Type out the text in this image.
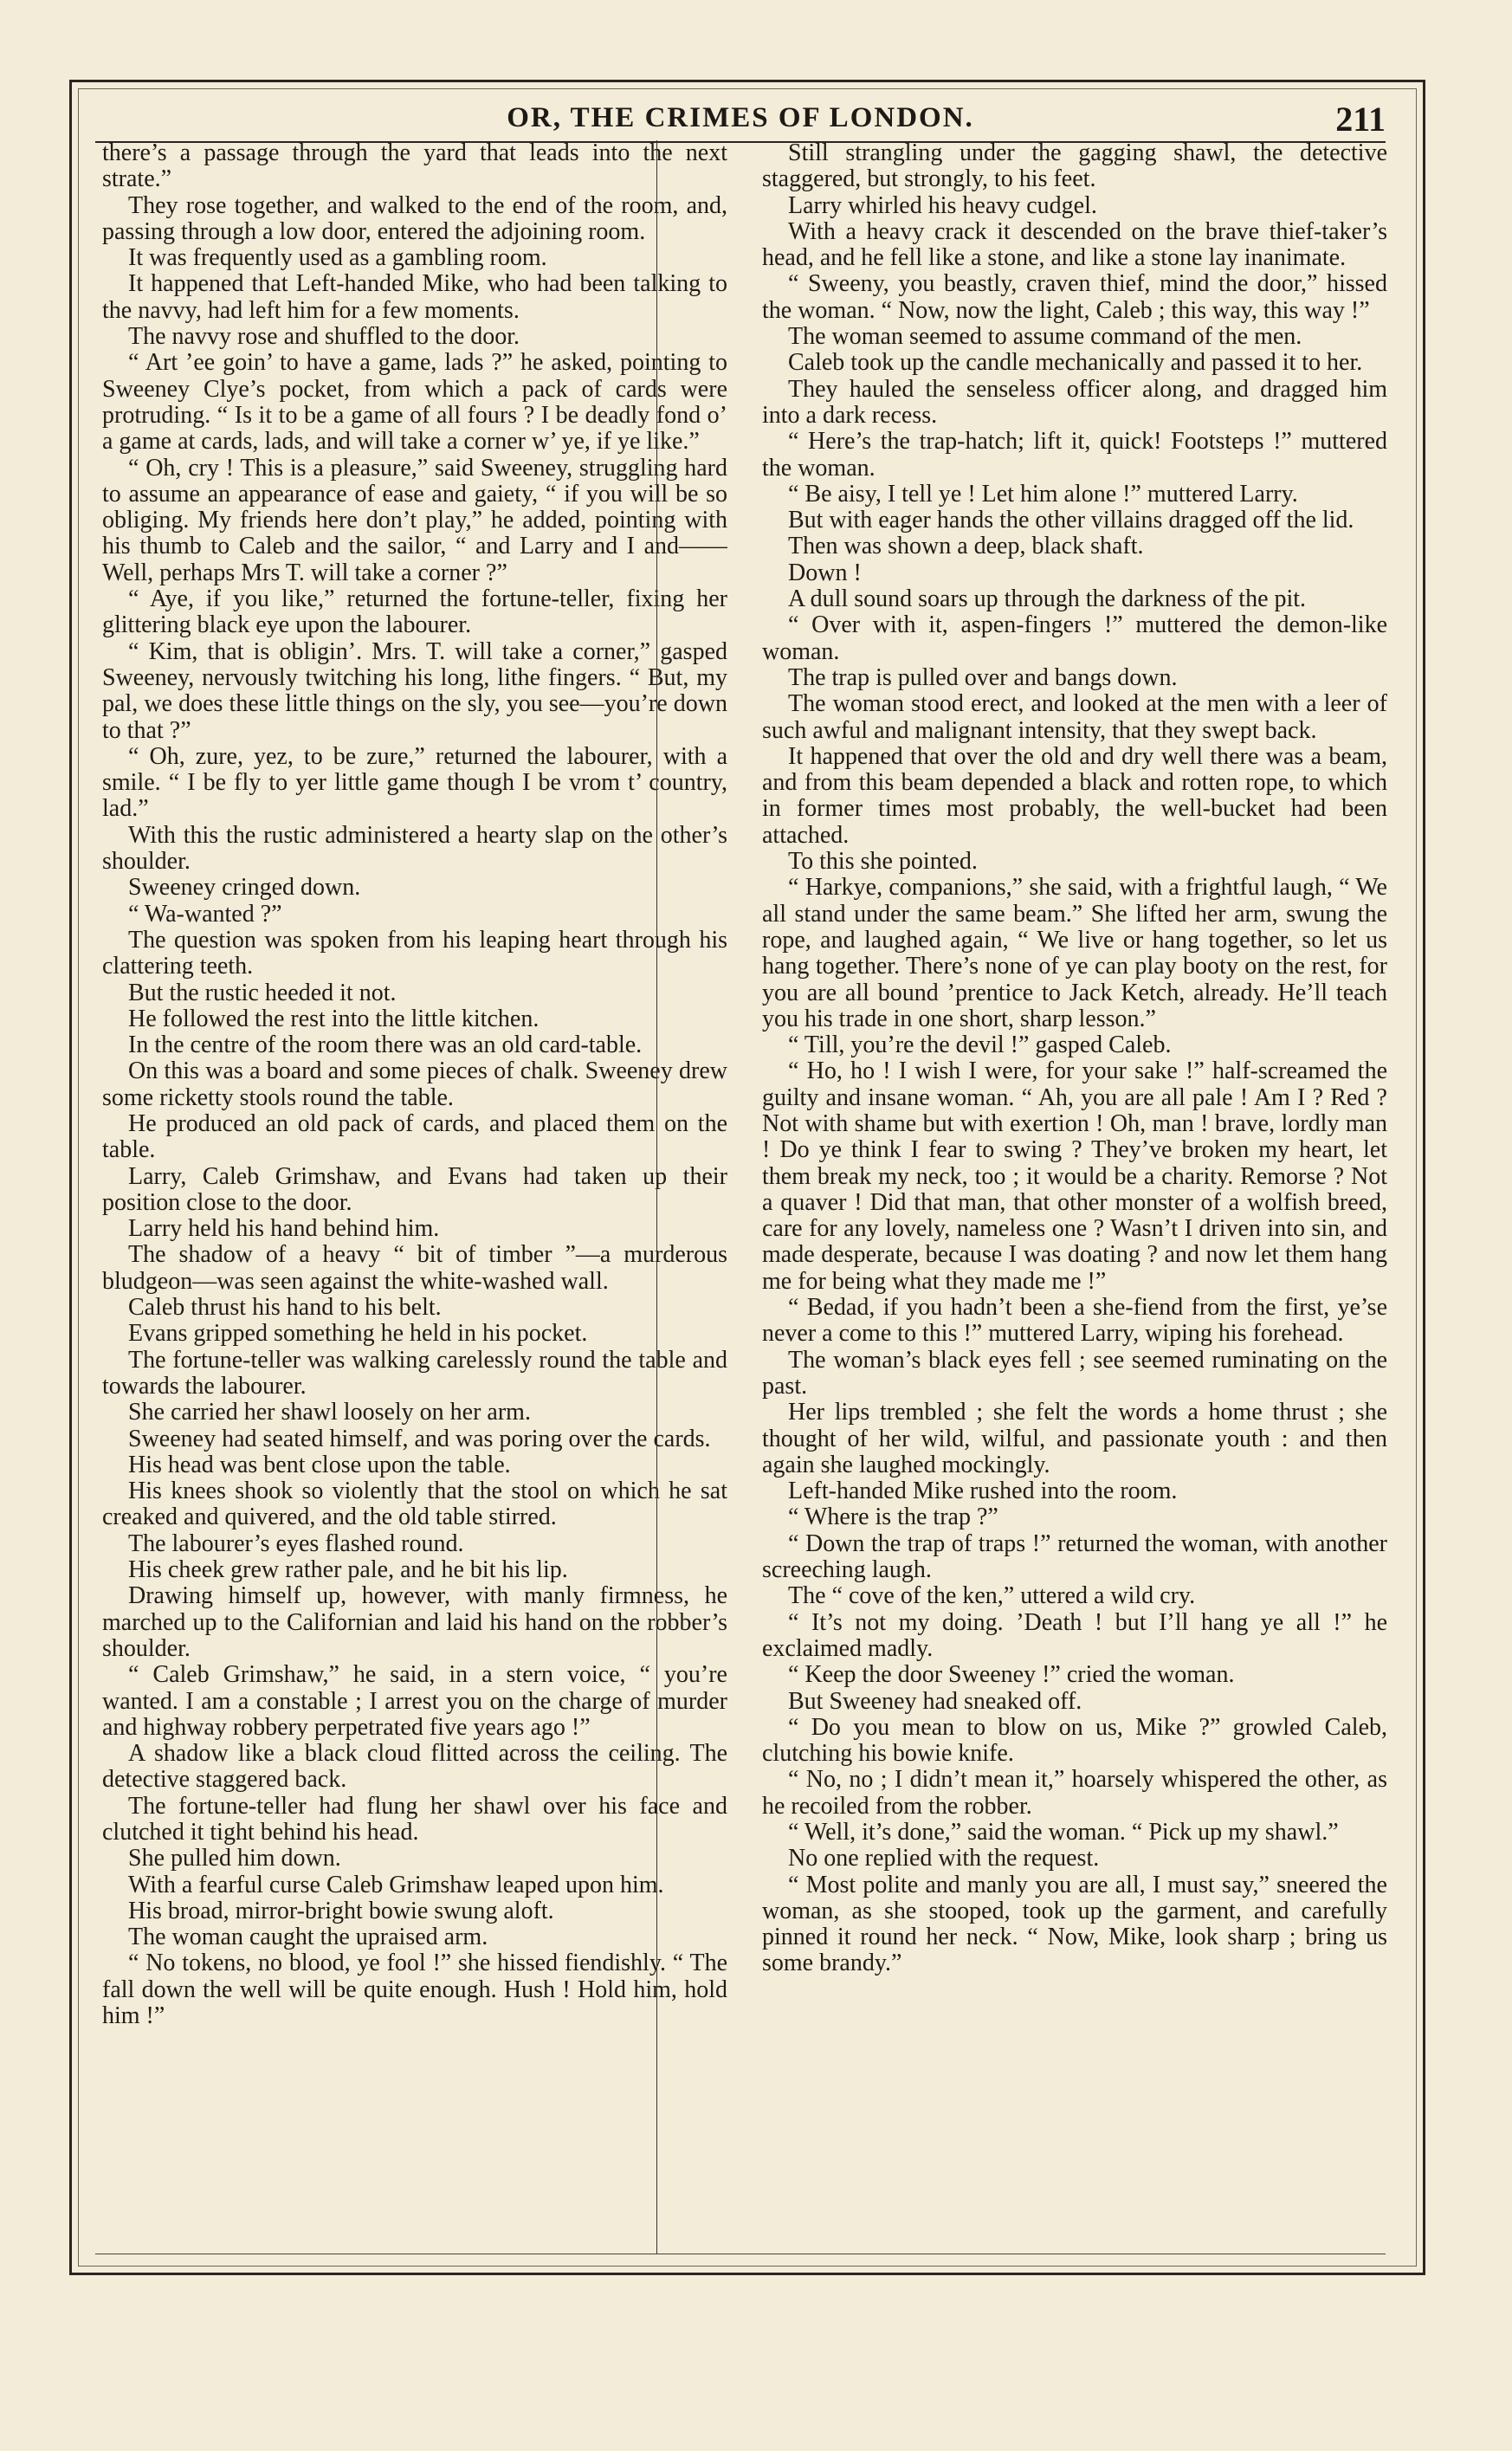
OR, THE CRIMES OF LONDON.	211

there’s a passage through the yard that leads into the next strate.”

They rose together, and walked to the end of the room, and, passing through a low door, entered the adjoining room.

It was frequently used as a gambling room.

It happened that Left-handed Mike, who had been talking to the navvy, had left him for a few moments.

The navvy rose and shuffled to the door.

“ Art ’ee goin’ to have a game, lads ?” he asked, pointing to Sweeney Clye’s pocket, from which a pack of cards were protruding. “ Is it to be a game of all fours ? I be deadly fond o’ a game at cards, lads, and will take a corner w’ ye, if ye like.”

“ Oh, cry ! This is a pleasure,” said Sweeney, struggling hard to assume an appearance of ease and gaiety, “ if you will be so obliging. My friends here don’t play,” he added, pointing with his thumb to Caleb and the sailor, “ and Larry and I and—— Well, perhaps Mrs T. will take a corner ?”

“ Aye, if you like,” returned the fortune-teller, fixing her glittering black eye upon the labourer.

“ Kim, that is obligin’. Mrs. T. will take a corner,” gasped Sweeney, nervously twitching his long, lithe fingers. “ But, my pal, we does these little things on the sly, you see—you’re down to that ?”

“ Oh, zure, yez, to be zure,” returned the labourer, with a smile. “ I be fly to yer little game though I be vrom t’ country, lad.”

With this the rustic administered a hearty slap on the other’s shoulder.

Sweeney cringed down.

“ Wa-wanted ?”

The question was spoken from his leaping heart through his clattering teeth.

But the rustic heeded it not.

He followed the rest into the little kitchen.

In the centre of the room there was an old card-table.

On this was a board and some pieces of chalk. Sweeney drew some ricketty stools round the table.

He produced an old pack of cards, and placed them on the table.

Larry, Caleb Grimshaw, and Evans had taken up their position close to the door.

Larry held his hand behind him.

The shadow of a heavy “ bit of timber ”—a murderous bludgeon—was seen against the white-washed wall.

Caleb thrust his hand to his belt.

Evans gripped something he held in his pocket.

The fortune-teller was walking carelessly round the table and towards the labourer.

She carried her shawl loosely on her arm.

Sweeney had seated himself, and was poring over the cards.

His head was bent close upon the table.

His knees shook so violently that the stool on which he sat creaked and quivered, and the old table stirred.

The labourer’s eyes flashed round.

His cheek grew rather pale, and he bit his lip.

Drawing himself up, however, with manly firmness, he marched up to the Californian and laid his hand on the robber’s shoulder.

“ Caleb Grimshaw,” he said, in a stern voice, “ you’re wanted. I am a constable ; I arrest you on the charge of murder and highway robbery perpetrated five years ago !”

A shadow like a black cloud flitted across the ceiling. The detective staggered back.

The fortune-teller had flung her shawl over his face and clutched it tight behind his head.

She pulled him down.

With a fearful curse Caleb Grimshaw leaped upon him.

His broad, mirror-bright bowie swung aloft.

The woman caught the upraised arm.

“ No tokens, no blood, ye fool !” she hissed fiendishly. “ The fall down the well will be quite enough. Hush ! Hold him, hold him !”

Still strangling under the gagging shawl, the detective staggered, but strongly, to his feet.

Larry whirled his heavy cudgel.

With a heavy crack it descended on the brave thief-taker’s head, and he fell like a stone, and like a stone lay inanimate.

“ Sweeny, you beastly, craven thief, mind the door,” hissed the woman. “ Now, now the light, Caleb ; this way, this way !”

The woman seemed to assume command of the men.

Caleb took up the candle mechanically and passed it to her.

They hauled the senseless officer along, and dragged him into a dark recess.

“ Here’s the trap-hatch; lift it, quick! Footsteps !” muttered the woman.

“ Be aisy, I tell ye ! Let him alone !” muttered Larry.

But with eager hands the other villains dragged off the lid.

Then was shown a deep, black shaft.

Down !

A dull sound soars up through the darkness of the pit.

“ Over with it, aspen-fingers !” muttered the demon-like woman.

The trap is pulled over and bangs down.

The woman stood erect, and looked at the men with a leer of such awful and malignant intensity, that they swept back.

It happened that over the old and dry well there was a beam, and from this beam depended a black and rotten rope, to which in former times most probably, the well-bucket had been attached.

To this she pointed.

“ Harkye, companions,” she said, with a frightful laugh, “ We all stand under the same beam.” She lifted her arm, swung the rope, and laughed again, “ We live or hang together, so let us hang together. There’s none of ye can play booty on the rest, for you are all bound ’prentice to Jack Ketch, already. He’ll teach you his trade in one short, sharp lesson.”

“ Till, you’re the devil !” gasped Caleb.

“ Ho, ho ! I wish I were, for your sake !” half-screamed the guilty and insane woman. “ Ah, you are all pale ! Am I ? Red ? Not with shame but with exertion ! Oh, man ! brave, lordly man ! Do ye think I fear to swing ? They’ve broken my heart, let them break my neck, too ; it would be a charity. Remorse ? Not a quaver ! Did that man, that other monster of a wolfish breed, care for any lovely, nameless one ? Wasn’t I driven into sin, and made desperate, because I was doating ? and now let them hang me for being what they made me !”

“ Bedad, if you hadn’t been a she-fiend from the first, ye’se never a come to this !” muttered Larry, wiping his forehead.

The woman’s black eyes fell ; see seemed ruminating on the past.

Her lips trembled ; she felt the words a home thrust ; she thought of her wild, wilful, and passionate youth : and then again she laughed mockingly.

Left-handed Mike rushed into the room.

“ Where is the trap ?”

“ Down the trap of traps !” returned the woman, with another screeching laugh.

The “ cove of the ken,” uttered a wild cry.

“ It’s not my doing. ’Death ! but I’ll hang ye all !” he exclaimed madly.

“ Keep the door Sweeney !” cried the woman.

But Sweeney had sneaked off.

“ Do you mean to blow on us, Mike ?” growled Caleb, clutching his bowie knife.

“ No, no ; I didn’t mean it,” hoarsely whispered the other, as he recoiled from the robber.

“ Well, it’s done,” said the woman. “ Pick up my shawl.”

No one replied with the request.

“ Most polite and manly you are all, I must say,” sneered the woman, as she stooped, took up the garment, and carefully pinned it round her neck. “ Now, Mike, look sharp ; bring us some brandy.”
